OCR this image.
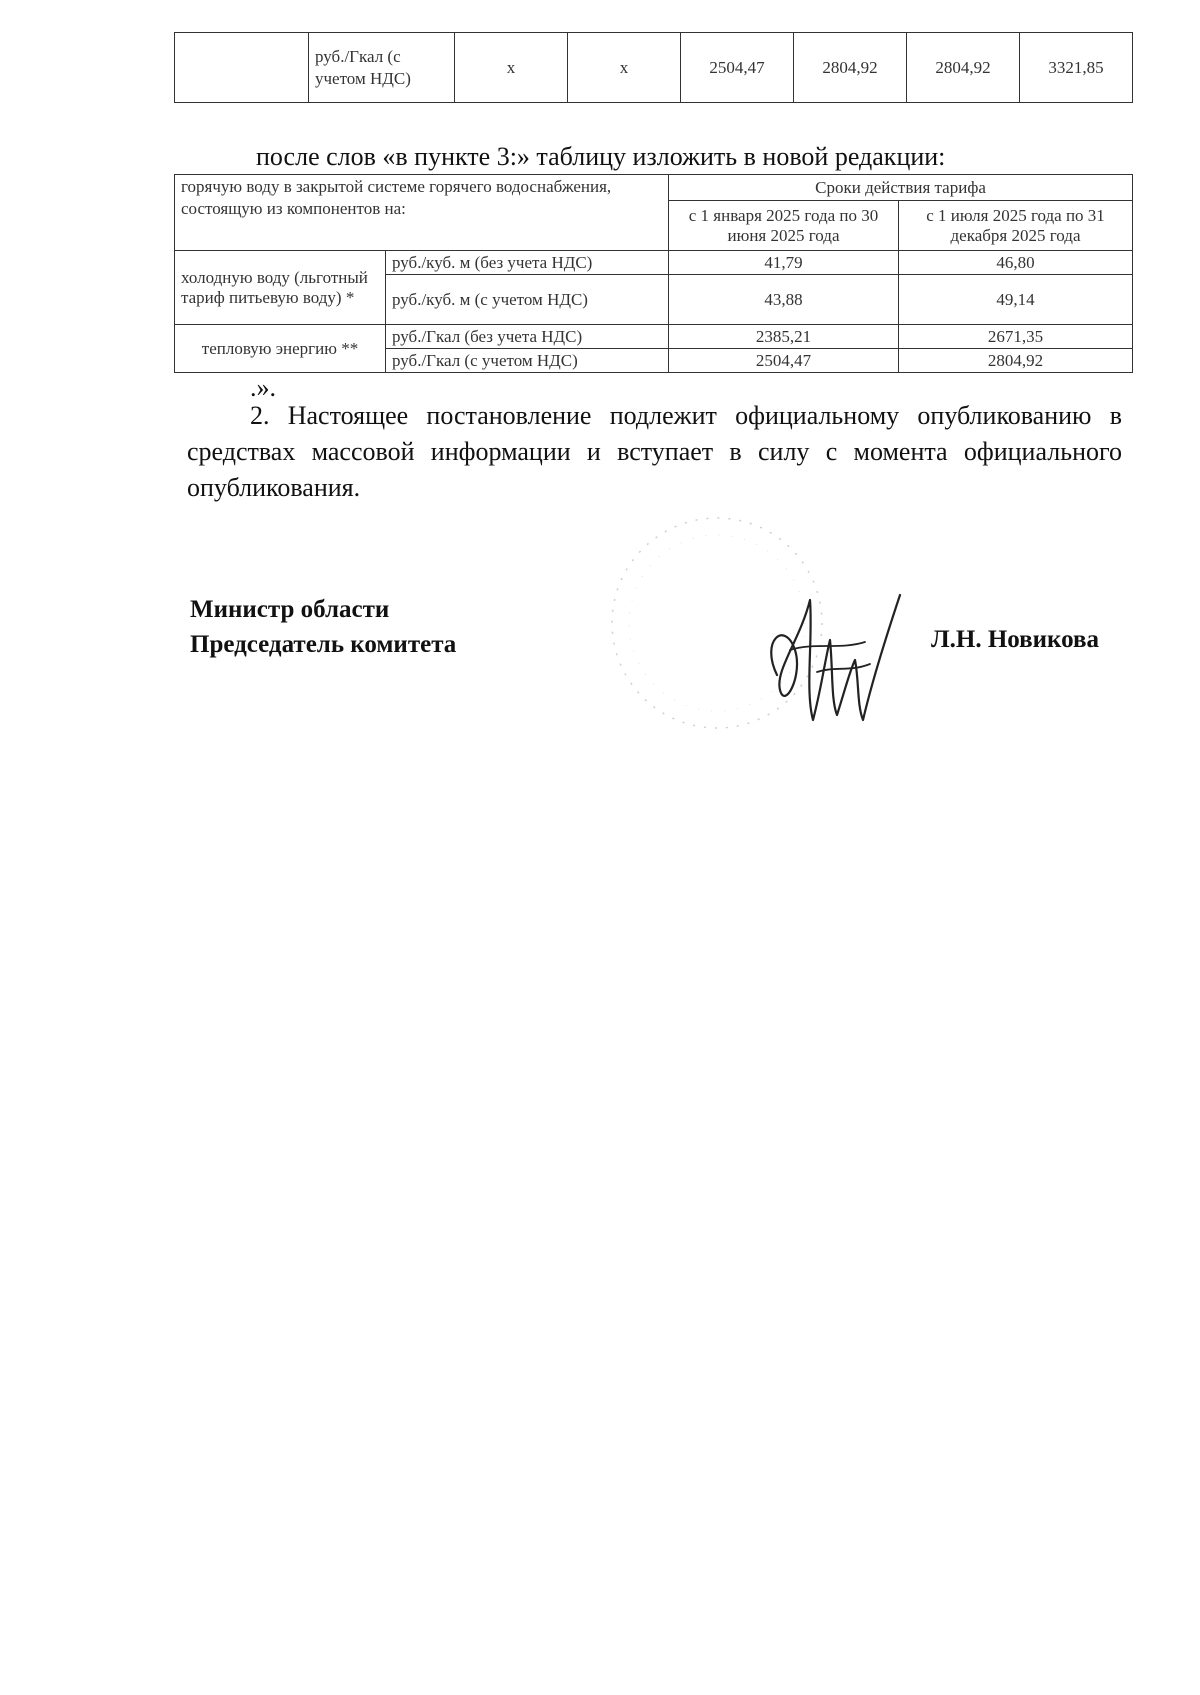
	руб./Гкал (с учетом НДС)	x	x	2504,47	2804,92	2804,92	3321,85
после слов «в пункте 3:» таблицу изложить в новой редакции:
горячую воду в закрытой системе горячего водоснабжения, состоящую из компонентов на:		Сроки действия тарифа	
		с 1 января 2025 года по 30 июня 2025 года	с 1 июля 2025 года по 31 декабря 2025 года
холодную воду (льготный тариф питьевую воду) *	руб./куб. м (без учета НДС)	41,79	46,80
	руб./куб. м (с учетом НДС)	43,88	49,14
тепловую энергию **	руб./Гкал (без учета НДС)	2385,21	2671,35
	руб./Гкал (с учетом НДС)	2504,47	2804,92
.».
2. Настоящее постановление подлежит официальному опубликованию в средствах массовой информации и вступает в силу с момента официального опубликования.
Министр области
Председатель комитета	Л.Н. Новикова
